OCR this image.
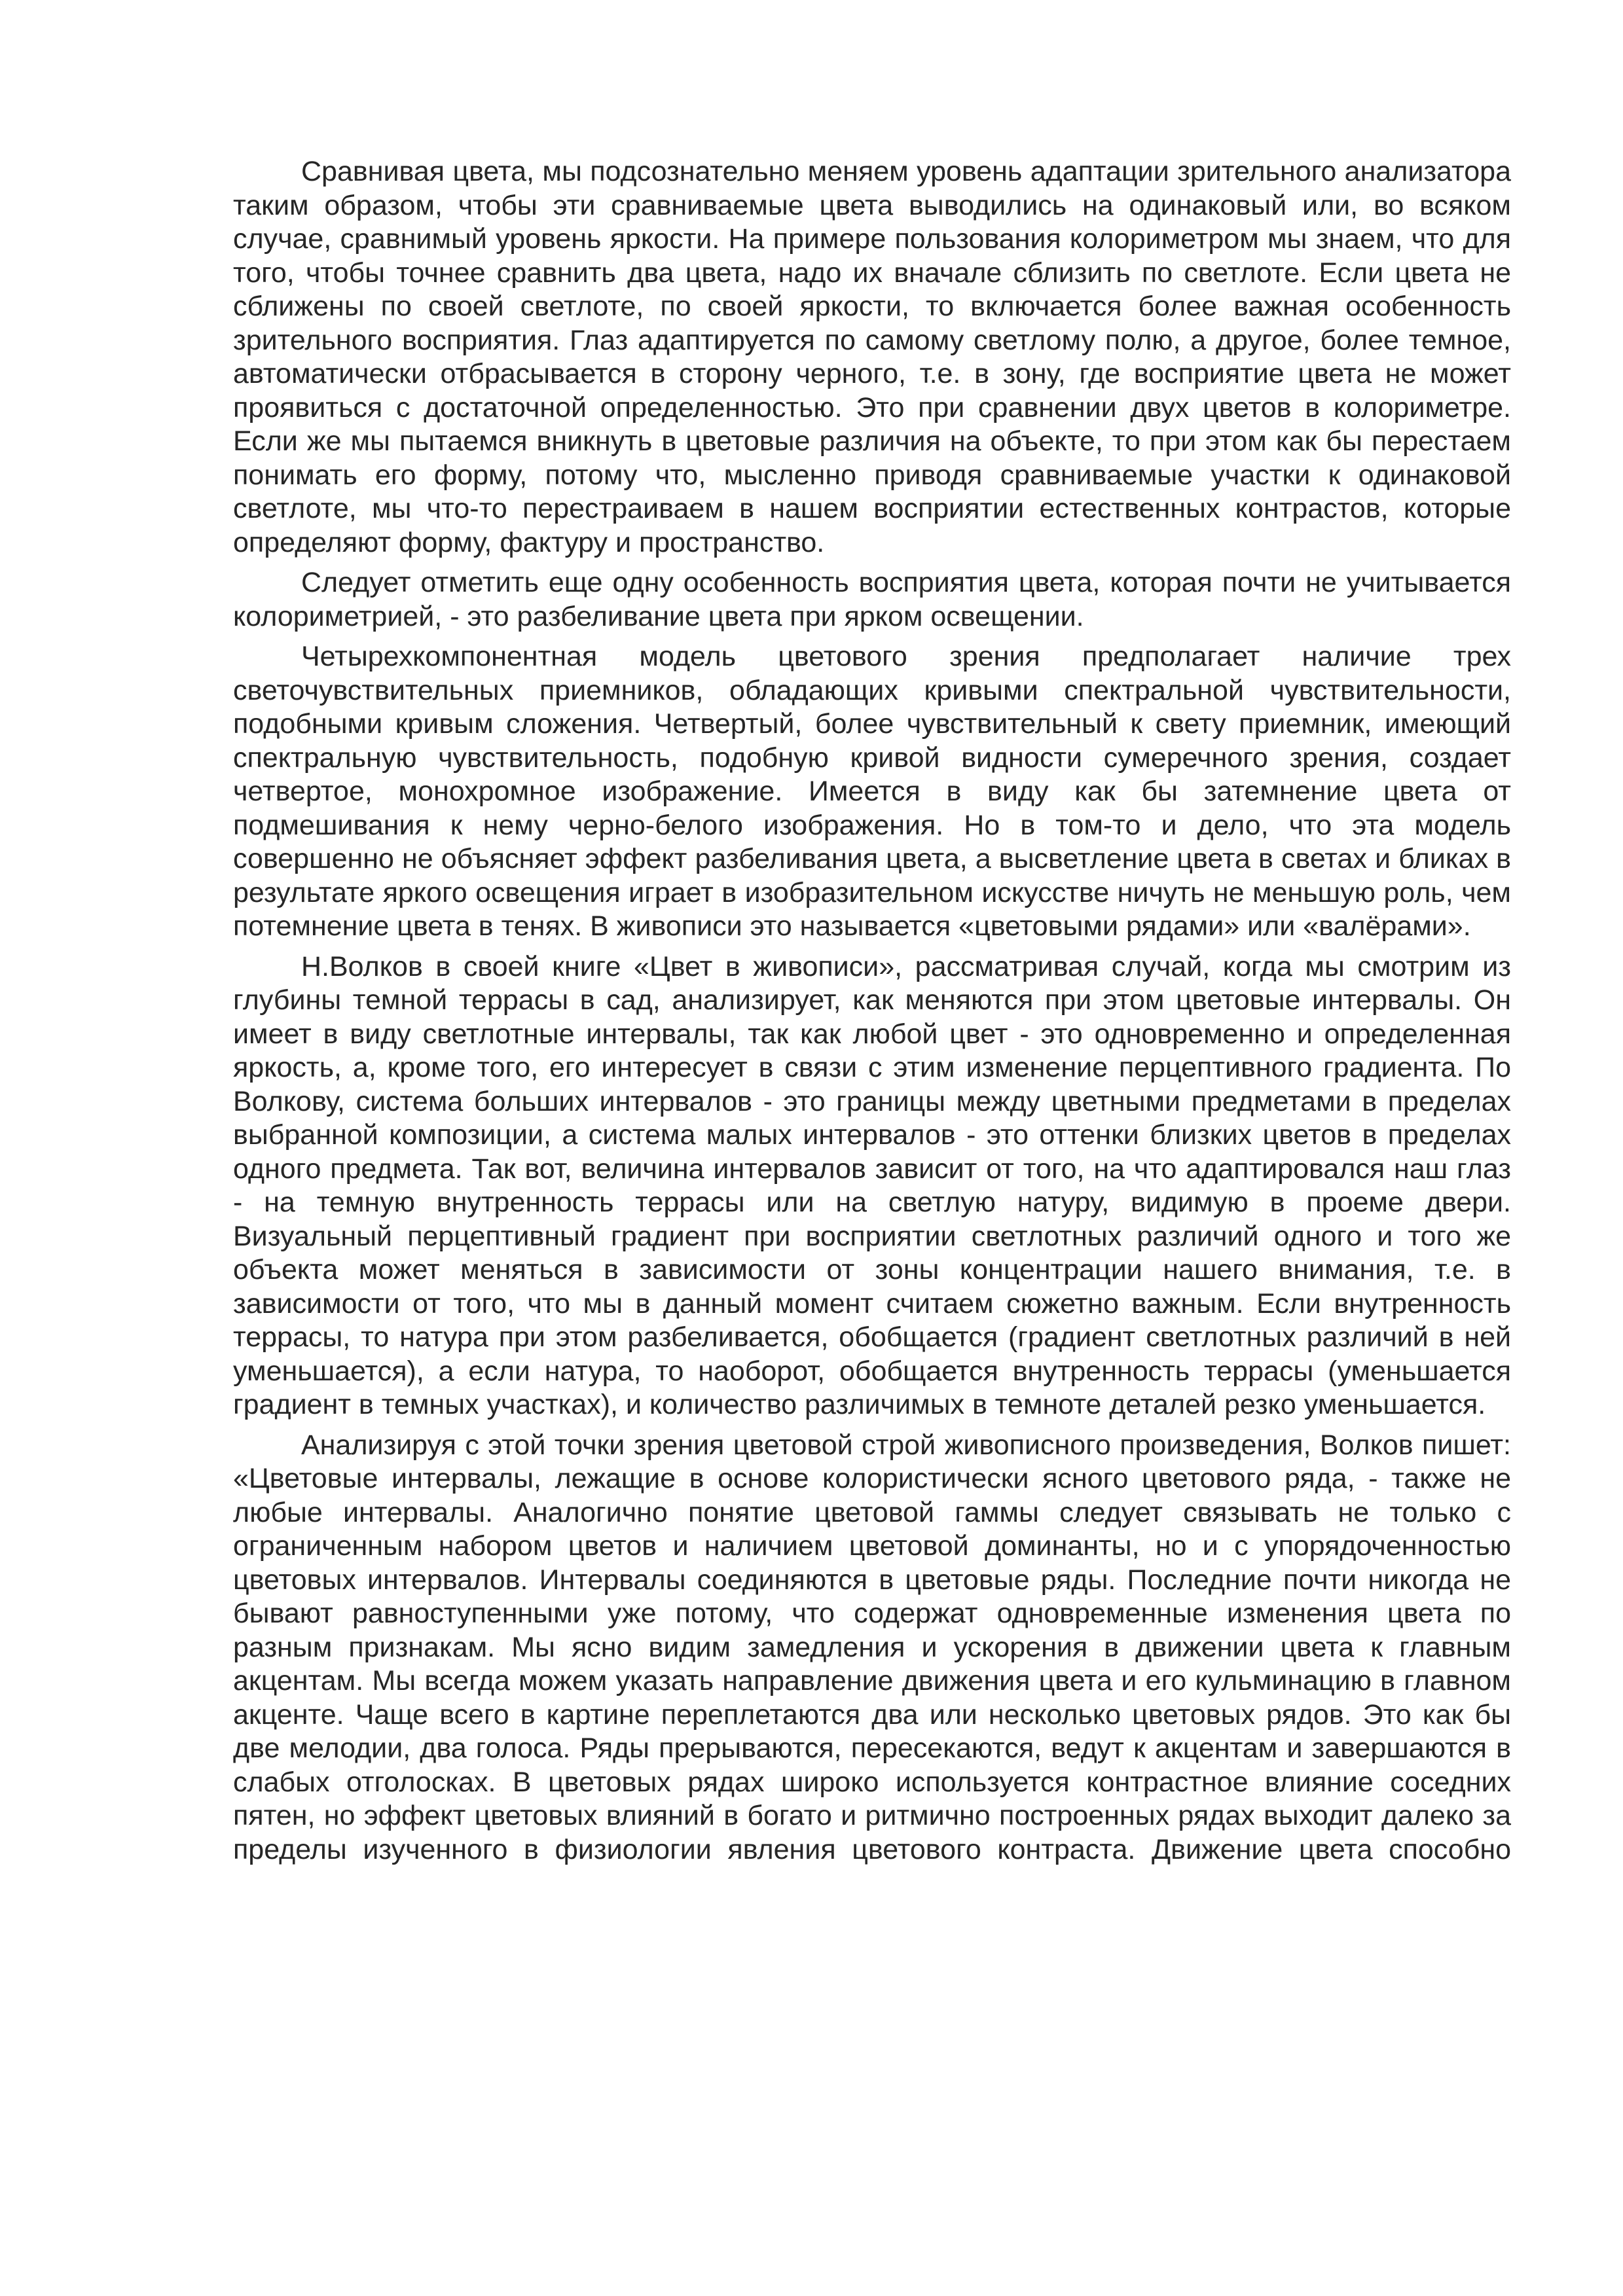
Сравнивая цвета, мы подсознательно меняем уровень адаптации зрительного анализатора таким образом, чтобы эти сравниваемые цвета выводились на одинаковый или, во всяком случае, сравнимый уровень яркости. На примере пользования колориметром мы знаем, что для того, чтобы точнее сравнить два цвета, надо их вначале сблизить по светлоте. Если цвета не сближены по своей светлоте, по своей яркости, то включается более важная особенность зрительного восприятия. Глаз адаптируется по самому светлому полю, а другое, более темное, автоматически отбрасывается в сторону черного, т.е. в зону, где восприятие цвета не может проявиться с достаточной определенностью. Это при сравнении двух цветов в колориметре. Если же мы пытаемся вникнуть в цветовые различия на объекте, то при этом как бы перестаем понимать его форму, потому что, мысленно приводя сравниваемые участки к одинаковой светлоте, мы что-то перестраиваем в нашем восприятии естественных контрастов, которые определяют форму, фактуру и пространство.

Следует отметить еще одну особенность восприятия цвета, которая почти не учитывается колориметрией, - это разбеливание цвета при ярком освещении.

Четырехкомпонентная модель цветового зрения предполагает наличие трех светочувствительных приемников, обладающих кривыми спектральной чувствительности, подобными кривым сложения. Четвертый, более чувствительный к свету приемник, имеющий спектральную чувствительность, подобную кривой видности сумеречного зрения, создает четвертое, монохромное изображение. Имеется в виду как бы затемнение цвета от подмешивания к нему черно-белого изображения. Но в том-то и дело, что эта модель совершенно не объясняет эффект разбеливания цвета, а высветление цвета в светах и бликах в результате яркого освещения играет в изобразительном искусстве ничуть не меньшую роль, чем потемнение цвета в тенях. В живописи это называется «цветовыми рядами» или «валёрами».

Н.Волков в своей книге «Цвет в живописи», рассматривая случай, когда мы смотрим из глубины темной террасы в сад, анализирует, как меняются при этом цветовые интервалы. Он имеет в виду светлотные интервалы, так как любой цвет - это одновременно и определенная яркость, а, кроме того, его интересует в связи с этим изменение перцептивного градиента. По Волкову, система больших интервалов - это границы между цветными предметами в пределах выбранной композиции, а система малых интервалов - это оттенки близких цветов в пределах одного предмета. Так вот, величина интервалов зависит от того, на что адаптировался наш глаз - на темную внутренность террасы или на светлую натуру, видимую в проеме двери. Визуальный перцептивный градиент при восприятии светлотных различий одного и того же объекта может меняться в зависимости от зоны концентрации нашего внимания, т.е. в зависимости от того, что мы в данный момент считаем сюжетно важным. Если внутренность террасы, то натура при этом разбеливается, обобщается (градиент светлотных различий в ней уменьшается), а если натура, то наоборот, обобщается внутренность террасы (уменьшается градиент в темных участках), и количество различимых в темноте деталей резко уменьшается.

Анализируя с этой точки зрения цветовой строй живописного произведения, Волков пишет: «Цветовые интервалы, лежащие в основе колористически ясного цветового ряда, - также не любые интервалы. Аналогично понятие цветовой гаммы следует связывать не только с ограниченным набором цветов и наличием цветовой доминанты, но и с упорядоченностью цветовых интервалов. Интервалы соединяются в цветовые ряды. Последние почти никогда не бывают равноступенными уже потому, что содержат одновременные изменения цвета по разным признакам. Мы ясно видим замедления и ускорения в движении цвета к главным акцентам. Мы всегда можем указать направление движения цвета и его кульминацию в главном акценте. Чаще всего в картине переплетаются два или несколько цветовых рядов. Это как бы две мелодии, два голоса. Ряды прерываются, пересекаются, ведут к акцентам и завершаются в слабых отголосках. В цветовых рядах широко используется контрастное влияние соседних пятен, но эффект цветовых влияний в богато и ритмично построенных рядах выходит далеко за пределы изученного в физиологии явления цветового контраста. Движение цвета способно
